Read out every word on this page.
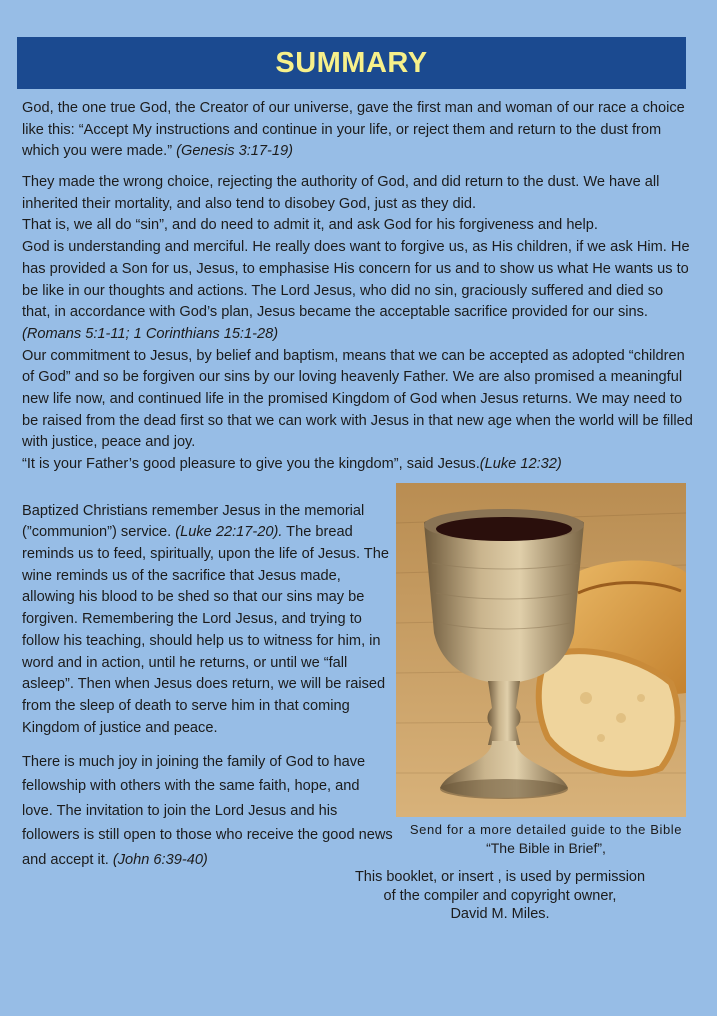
SUMMARY

God, the one true God, the Creator of our universe, gave the first man and woman of our race a choice like this: “Accept My instructions and continue in your life, or reject them and return to the dust from which you were made.” (Genesis 3:17-19)

They made the wrong choice, rejecting the authority of God, and did return to the dust. We have all inherited their mortality, and also tend to disobey God, just as they did.

That is, we all do “sin”, and do need to admit it, and ask God for his forgiveness and help.

God is understanding and merciful. He really does want to forgive us, as His children, if we ask Him. He has provided a Son for us, Jesus, to emphasise His concern for us and to show us what He wants us to be like in our thoughts and actions. The Lord Jesus, who did no sin, graciously suffered and died so that, in accordance with God’s plan, Jesus became the acceptable sacrifice provided for our sins. (Romans 5:1-11; 1 Corinthians 15:1-28)

Our commitment to Jesus, by belief and baptism, means that we can be accepted as adopted “children of God” and so be forgiven our sins by our loving heavenly Father. We are also promised a meaningful new life now, and continued life in the promised Kingdom of God when Jesus returns. We may need to be raised from the dead first so that we can work with Jesus in that new age when the world will be filled with justice, peace and joy.

“It is your Father’s good pleasure to give you the kingdom”, said Jesus.(Luke 12:32)

Baptized Christians remember Jesus in the memorial (”communion”) service. (Luke 22:17-20). The bread reminds us to feed, spiritually, upon the life of Jesus. The wine reminds us of the sacrifice that Jesus made, allowing his blood to be shed so that our sins may be forgiven. Remembering the Lord Jesus, and trying to follow his teaching, should help us to witness for him, in word and in action, until he returns, or until we “fall asleep”. Then when Jesus does return, we will be raised from the sleep of death to serve him in that coming Kingdom of justice and peace.

There is much joy in joining the family of God to have fellowship with others with the same faith, hope, and love. The invitation to join the Lord Jesus and his followers is still open to those who receive the good news and accept it. (John 6:39-40)

Send for a more detailed guide to the Bible
“The Bible in Brief”,
This booklet, or insert , is used by permission
of the compiler and copyright owner,
David M. Miles.
